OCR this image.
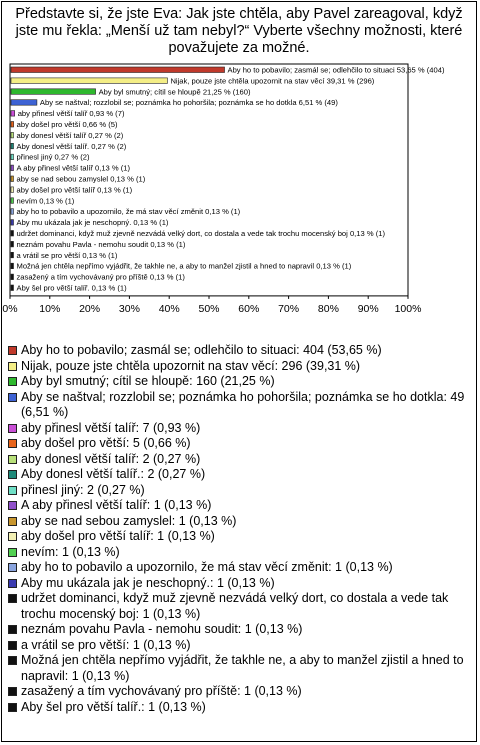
Představte si, že jste Eva: Jak jste chtěla, aby Pavel zareagoval, když jste mu řekla: „Menší už tam nebyl?“ Vyberte všechny možnosti, které považujete za možné.
Aby ho to pobavilo; zasmál se; odlehčilo to situaci 53,65 % (404)
Nijak, pouze jste chtěla upozornit na stav věcí 39,31 % (296)
Aby byl smutný; cítil se hloupě 21,25 % (160)
Aby se naštval; rozzlobil se; poznámka ho pohoršila; poznámka se ho dotkla 6,51 % (49)
aby přinesl větší talíř 0,93 % (7)
aby došel pro větší 0,66 % (5)
aby donesl větší talíř 0,27 % (2)
Aby donesl větší talíř. 0,27 % (2)
přinesl jiný 0,27 % (2)
A aby přinesl větší talíř 0,13 % (1)
aby se nad sebou zamyslel 0,13 % (1)
aby došel pro větší talíř 0,13 % (1)
nevím 0,13 % (1)
aby ho to pobavilo a upozornilo, že má stav věcí změnit 0,13 % (1)
Aby mu ukázala jak je neschopný. 0,13 % (1)
udržet dominanci, když muž zjevně nezvádá velký dort, co dostala a vede tak trochu mocenský boj 0,13 % (1)
neznám povahu Pavla - nemohu soudit 0,13 % (1)
a vrátil se pro větší 0,13 % (1)
Možná jen chtěla nepřímo vyjádřit, že takhle ne, a aby to manžel zjistil a hned to napravil 0,13 % (1)
zasažený a tím vychovávaný pro příště 0,13 % (1)
Aby šel pro větší talíř. 0,13 % (1)
0% 10% 20% 30% 40% 50% 60% 70% 80% 90% 100%
Aby ho to pobavilo; zasmál se; odlehčilo to situaci: 404 (53,65 %)
Nijak, pouze jste chtěla upozornit na stav věcí: 296 (39,31 %)
Aby byl smutný; cítil se hloupě: 160 (21,25 %)
Aby se naštval; rozzlobil se; poznámka ho pohoršila; poznámka se ho dotkla: 49 (6,51 %)
aby přinesl větší talíř: 7 (0,93 %)
aby došel pro větší: 5 (0,66 %)
aby donesl větší talíř: 2 (0,27 %)
Aby donesl větší talíř.: 2 (0,27 %)
přinesl jiný: 2 (0,27 %)
A aby přinesl větší talíř: 1 (0,13 %)
aby se nad sebou zamyslel: 1 (0,13 %)
aby došel pro větší talíř: 1 (0,13 %)
nevím: 1 (0,13 %)
aby ho to pobavilo a upozornilo, že má stav věcí změnit: 1 (0,13 %)
Aby mu ukázala jak je neschopný.: 1 (0,13 %)
udržet dominanci, když muž zjevně nezvádá velký dort, co dostala a vede tak trochu mocenský boj: 1 (0,13 %)
neznám povahu Pavla - nemohu soudit: 1 (0,13 %)
a vrátil se pro větší: 1 (0,13 %)
Možná jen chtěla nepřímo vyjádřit, že takhle ne, a aby to manžel zjistil a hned to napravil: 1 (0,13 %)
zasažený a tím vychovávaný pro příště: 1 (0,13 %)
Aby šel pro větší talíř.: 1 (0,13 %)
